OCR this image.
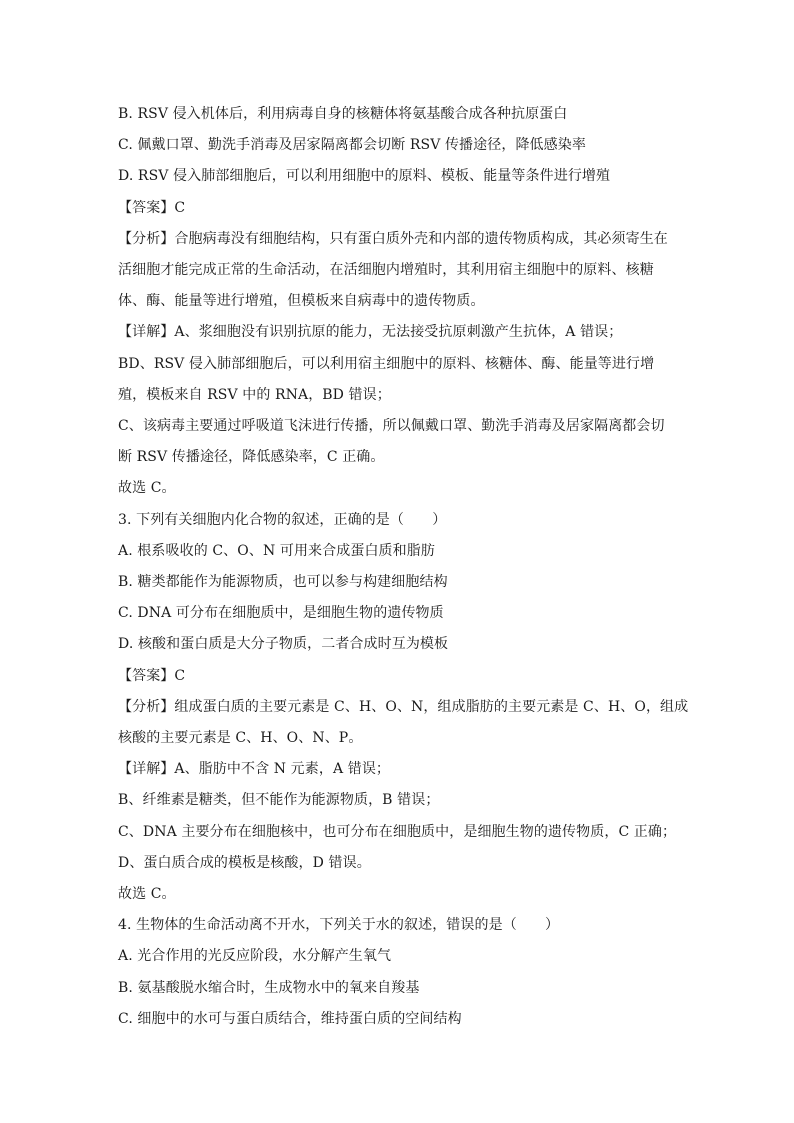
B. RSV 侵入机体后，利用病毒自身的核糖体将氨基酸合成各种抗原蛋白
C. 佩戴口罩、勤洗手消毒及居家隔离都会切断 RSV 传播途径，降低感染率
D. RSV 侵入肺部细胞后，可以利用细胞中的原料、模板、能量等条件进行增殖
【答案】C
【分析】合胞病毒没有细胞结构，只有蛋白质外壳和内部的遗传物质构成，其必须寄生在
活细胞才能完成正常的生命活动，在活细胞内增殖时，其利用宿主细胞中的原料、核糖
体、酶、能量等进行增殖，但模板来自病毒中的遗传物质。
【详解】A、浆细胞没有识别抗原的能力，无法接受抗原刺激产生抗体，A 错误；
BD、RSV 侵入肺部细胞后，可以利用宿主细胞中的原料、核糖体、酶、能量等进行增
殖，模板来自 RSV 中的 RNA，BD 错误；
C、该病毒主要通过呼吸道飞沫进行传播，所以佩戴口罩、勤洗手消毒及居家隔离都会切
断 RSV 传播途径，降低感染率，C 正确。
故选 C。
3. 下列有关细胞内化合物的叙述，正确的是（　　）
A. 根系吸收的 C、O、N 可用来合成蛋白质和脂肪
B. 糖类都能作为能源物质，也可以参与构建细胞结构
C. DNA 可分布在细胞质中，是细胞生物的遗传物质
D. 核酸和蛋白质是大分子物质，二者合成时互为模板
【答案】C
【分析】组成蛋白质的主要元素是 C、H、O、N，组成脂肪的主要元素是 C、H、O，组成
核酸的主要元素是 C、H、O、N、P。
【详解】A、脂肪中不含 N 元素，A 错误；
B、纤维素是糖类，但不能作为能源物质，B 错误；
C、DNA 主要分布在细胞核中，也可分布在细胞质中，是细胞生物的遗传物质，C 正确；
D、蛋白质合成的模板是核酸，D 错误。
故选 C。
4. 生物体的生命活动离不开水，下列关于水的叙述，错误的是（　　）
A. 光合作用的光反应阶段，水分解产生氧气
B. 氨基酸脱水缩合时，生成物水中的氧来自羧基
C. 细胞中的水可与蛋白质结合，维持蛋白质的空间结构
